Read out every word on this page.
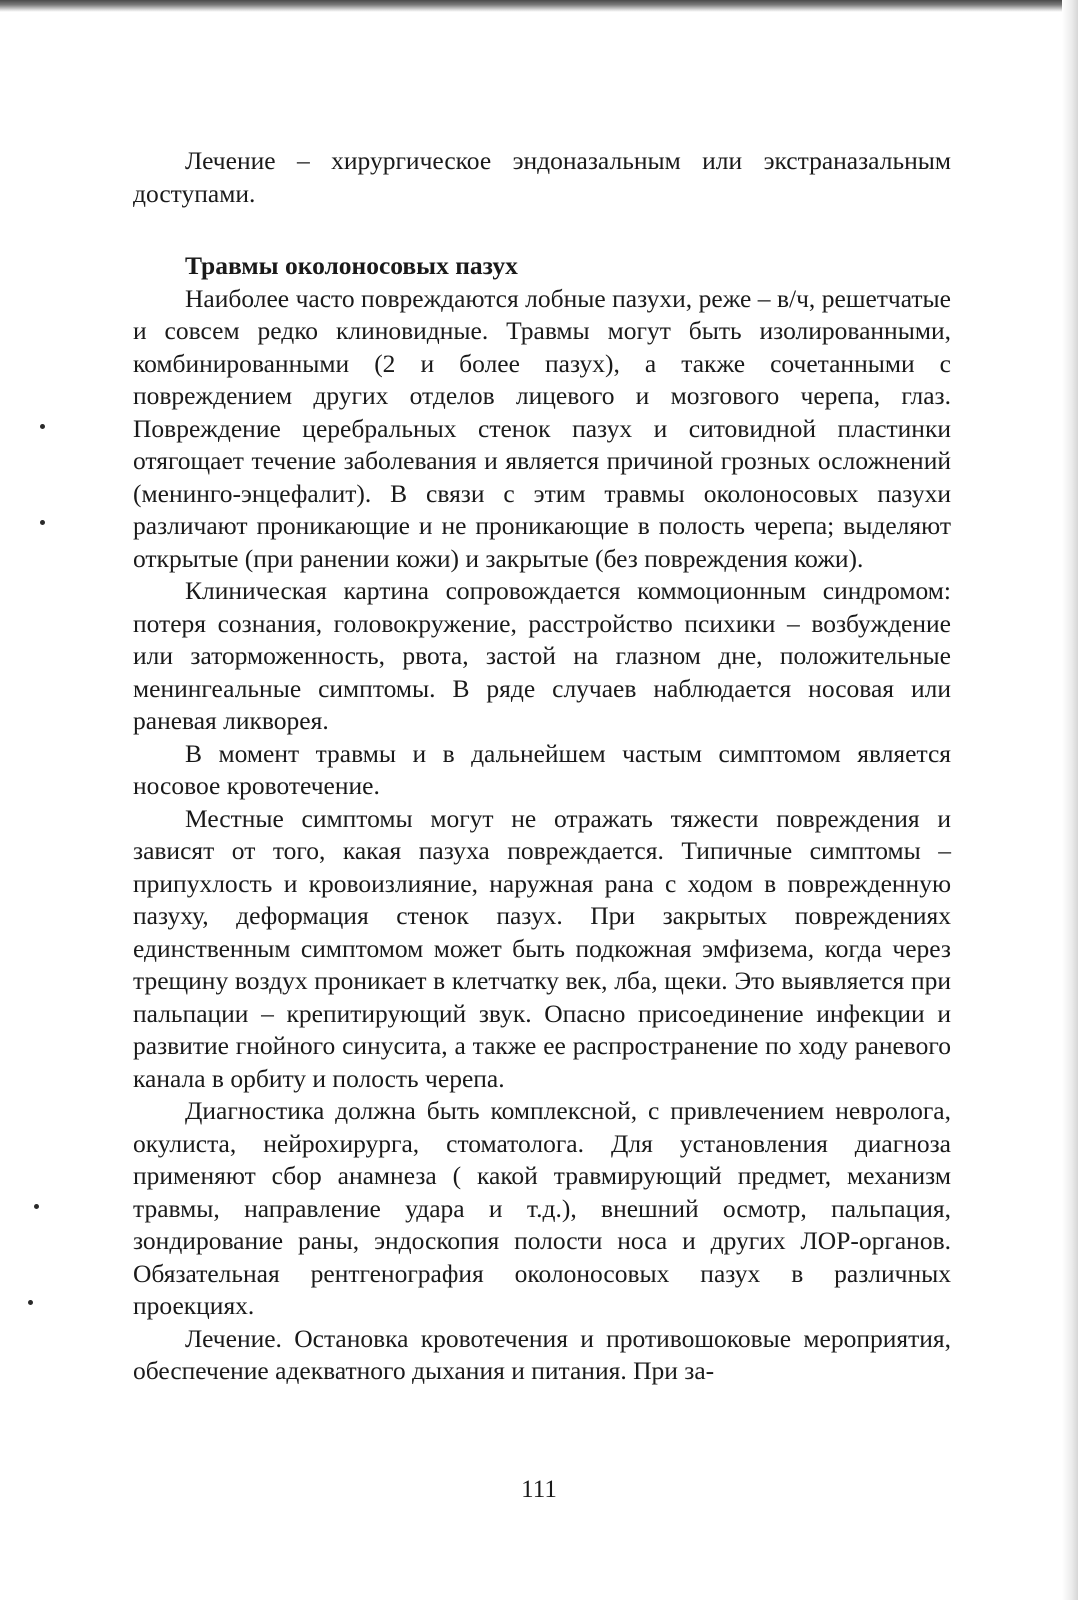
Лечение – хирургическое эндоназальным или экстраназальным доступами.

Травмы околоносовых пазух

Наиболее часто повреждаются лобные пазухи, реже – в/ч, решетчатые и совсем редко клиновидные. Травмы могут быть изолированными, комбинированными (2 и более пазух), а также сочетанными с повреждением других отделов лицевого и мозгового черепа, глаз. Повреждение церебральных стенок пазух и ситовидной пластинки отягощает течение заболевания и является причиной грозных осложнений (менинго-энцефалит). В связи с этим травмы околоносовых пазухи различают проникающие и не проникающие в полость черепа; выделяют открытые (при ранении кожи) и закрытые (без повреждения кожи).

Клиническая картина сопровождается коммоционным синдромом: потеря сознания, головокружение, расстройство психики – возбуждение или заторможенность, рвота, застой на глазном дне, положительные менингеальные симптомы. В ряде случаев наблюдается носовая или раневая ликворея.

В момент травмы и в дальнейшем частым симптомом является носовое кровотечение.

Местные симптомы могут не отражать тяжести повреждения и зависят от того, какая пазуха повреждается. Типичные симптомы – припухлость и кровоизлияние, наружная рана с ходом в поврежденную пазуху, деформация стенок пазух. При закрытых повреждениях единственным симптомом может быть подкожная эмфизема, когда через трещину воздух проникает в клетчатку век, лба, щеки. Это выявляется при пальпации – крепитирующий звук. Опасно присоединение инфекции и развитие гнойного синусита, а также ее распространение по ходу раневого канала в орбиту и полость черепа.

Диагностика должна быть комплексной, с привлечением невролога, окулиста, нейрохирурга, стоматолога. Для установления диагноза применяют сбор анамнеза ( какой травмирующий предмет, механизм травмы, направление удара и т.д.), внешний осмотр, пальпация, зондирование раны, эндоскопия полости носа и других ЛОР-органов. Обязательная рентгенография околоносовых пазух в различных проекциях.

Лечение. Остановка кровотечения и противошоковые мероприятия, обеспечение адекватного дыхания и питания. При за-

111
